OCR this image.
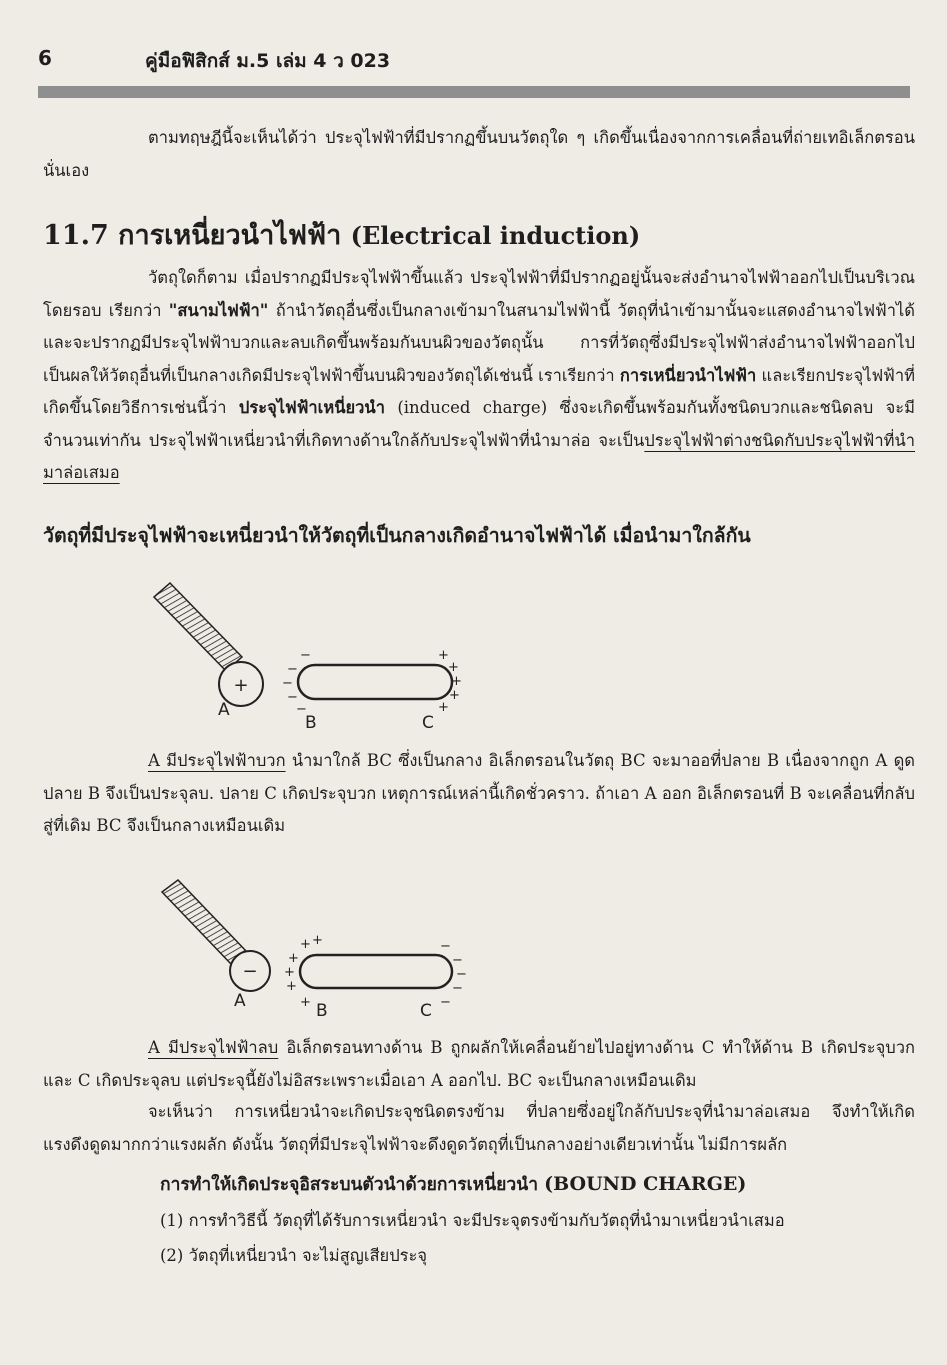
6	คู่มือฟิสิกส์ ม.5 เล่ม 4 ว 023

ตามทฤษฎีนี้จะเห็นได้ว่า ประจุไฟฟ้าที่มีปรากฏขึ้นบนวัตถุใด ๆ เกิดขึ้นเนื่องจากการเคลื่อนที่ถ่ายเทอิเล็กตรอนนั่นเอง

11.7 การเหนี่ยวนำไฟฟ้า (Electrical induction)

วัตถุใดก็ตาม เมื่อปรากฏมีประจุไฟฟ้าขึ้นแล้ว ประจุไฟฟ้าที่มีปรากฏอยู่นั้นจะส่งอำนาจไฟฟ้าออกไปเป็นบริเวณโดยรอบ เรียกว่า "สนามไฟฟ้า" ถ้านำวัตถุอื่นซึ่งเป็นกลางเข้ามาในสนามไฟฟ้านี้ วัตถุที่นำเข้ามานั้นจะแสดงอำนาจไฟฟ้าได้ และจะปรากฏมีประจุไฟฟ้าบวกและลบเกิดขึ้นพร้อมกันบนผิวของวัตถุนั้น การที่วัตถุซึ่งมีประจุไฟฟ้าส่งอำนาจไฟฟ้าออกไป เป็นผลให้วัตถุอื่นที่เป็นกลางเกิดมีประจุไฟฟ้าขึ้นบนผิวของวัตถุได้เช่นนี้ เราเรียกว่า การเหนี่ยวนำไฟฟ้า และเรียกประจุไฟฟ้าที่เกิดขึ้นโดยวิธีการเช่นนี้ว่า ประจุไฟฟ้าเหนี่ยวนำ (induced charge) ซึ่งจะเกิดขึ้นพร้อมกันทั้งชนิดบวกและชนิดลบ จะมีจำนวนเท่ากัน ประจุไฟฟ้าเหนี่ยวนำที่เกิดทางด้านใกล้กับประจุไฟฟ้าที่นำมาล่อ จะเป็นประจุไฟฟ้าต่างชนิดกับประจุไฟฟ้าที่นำมาล่อเสมอ

วัตถุที่มีประจุไฟฟ้าจะเหนี่ยวนำให้วัตถุที่เป็นกลางเกิดอำนาจไฟฟ้าได้ เมื่อนำมาใกล้กัน
+
A
B	C
−
−
−
−
−
+
+
+
+
+

A มีประจุไฟฟ้าบวก นำมาใกล้ BC ซึ่งเป็นกลาง อิเล็กตรอนในวัตถุ BC จะมาออที่ปลาย B เนื่องจากถูก A ดูด ปลาย B จึงเป็นประจุลบ. ปลาย C เกิดประจุบวก เหตุการณ์เหล่านี้เกิดชั่วคราว. ถ้าเอา A ออก อิเล็กตรอนที่ B จะเคลื่อนที่กลับสู่ที่เดิม BC จึงเป็นกลางเหมือนเดิม

−
A	B	C
+ +
+
+
+
+
−
−
−
−
−

A มีประจุไฟฟ้าลบ อิเล็กตรอนทางด้าน B ถูกผลักให้เคลื่อนย้ายไปอยู่ทางด้าน C ทำให้ด้าน B เกิดประจุบวก และ C เกิดประจุลบ แต่ประจุนี้ยังไม่อิสระเพราะเมื่อเอา A ออกไป. BC จะเป็นกลางเหมือนเดิม

จะเห็นว่า การเหนี่ยวนำจะเกิดประจุชนิดตรงข้าม ที่ปลายซึ่งอยู่ใกล้กับประจุที่นำมาล่อเสมอ จึงทำให้เกิดแรงดึงดูดมากกว่าแรงผลัก ดังนั้น วัตถุที่มีประจุไฟฟ้าจะดึงดูดวัตถุที่เป็นกลางอย่างเดียวเท่านั้น ไม่มีการผลัก

การทำให้เกิดประจุอิสระบนตัวนำด้วยการเหนี่ยวนำ (BOUND CHARGE)
(1) การทำวิธีนี้ วัตถุที่ได้รับการเหนี่ยวนำ จะมีประจุตรงข้ามกับวัตถุที่นำมาเหนี่ยวนำเสมอ
(2) วัตถุที่เหนี่ยวนำ จะไม่สูญเสียประจุ
